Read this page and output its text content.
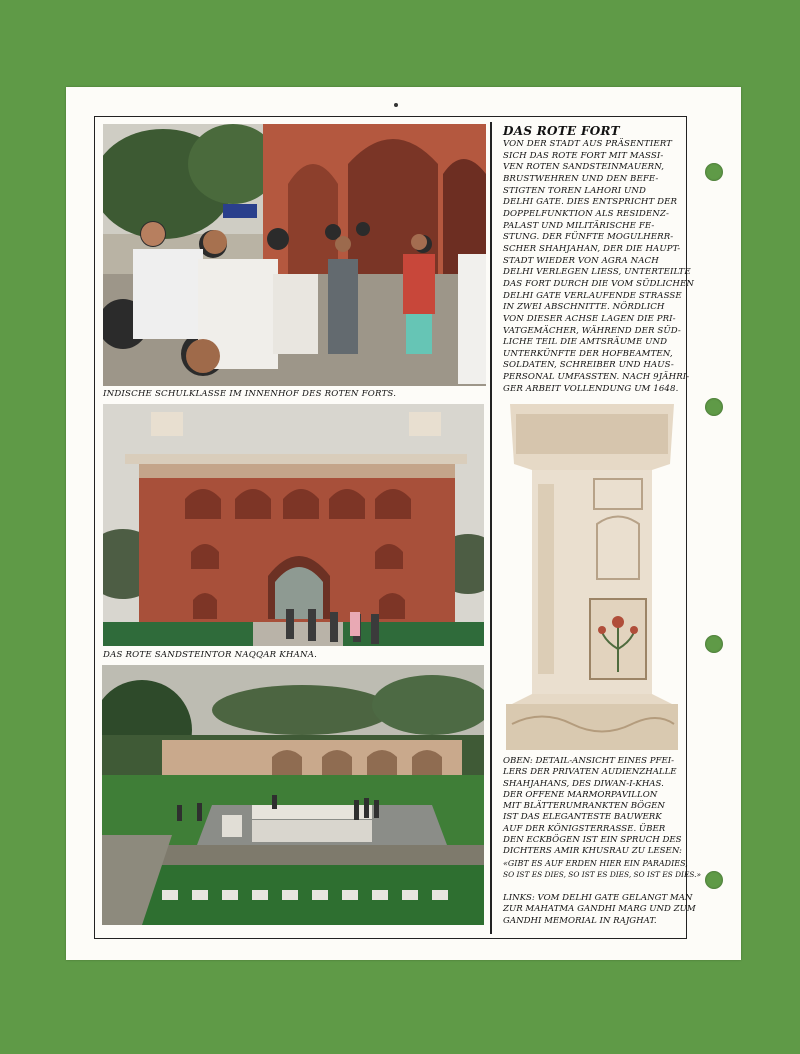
INDISCHE SCHULKLASSE IM INNENHOF DES ROTEN FORTS.
DAS ROTE SANDSTEINTOR NAQQAR KHANA.
DAS ROTE FORT
VON DER STADT AUS PRÄSENTIERT
SICH DAS ROTE FORT MIT MASSI-
VEN ROTEN SANDSTEINMAUERN,
BRUSTWEHREN UND DEN BEFE-
STIGTEN TOREN LAHORI UND
DELHI GATE. DIES ENTSPRICHT DER
DOPPELFUNKTION ALS RESIDENZ-
PALAST UND MILITÄRISCHE FE-
STUNG. DER FÜNFTE MOGULHERR-
SCHER SHAHJAHAN, DER DIE HAUPT-
STADT WIEDER VON AGRA NACH
DELHI VERLEGEN LIESS, UNTERTEILTE
DAS FORT DURCH DIE VOM SÜDLICHEN
DELHI GATE VERLAUFENDE STRASSE
IN ZWEI ABSCHNITTE. NÖRDLICH
VON DIESER ACHSE LAGEN DIE PRI-
VATGEMÄCHER, WÄHREND DER SÜD-
LICHE TEIL DIE AMTSRÄUME UND
UNTERKÜNFTE DER HOFBEAMTEN,
SOLDATEN, SCHREIBER UND HAUS-
PERSONAL UMFASSTEN. NACH 9JÄHRI-
GER ARBEIT VOLLENDUNG UM 1648.
OBEN: DETAIL-ANSICHT EINES PFEI-
LERS DER PRIVATEN AUDIENZHALLE
SHAHJAHANS, DES DIWAN-I-KHAS.
DER OFFENE MARMORPAVILLON
MIT BLÄTTERUMRANKTEN BÖGEN
IST DAS ELEGANTESTE BAUWERK
AUF DER KÖNIGSTERRASSE. ÜBER
DEN ECKBÖGEN IST EIN SPRUCH DES
DICHTERS AMIR KHUSRAU ZU LESEN:
«GIBT ES AUF ERDEN HIER EIN PARADIES,
SO IST ES DIES, SO IST ES DIES, SO IST ES DIES.»
LINKS: VOM DELHI GATE GELANGT MAN
ZUR MAHATMA GANDHI MARG UND ZUM
GANDHI MEMORIAL IN RAJGHAT.
